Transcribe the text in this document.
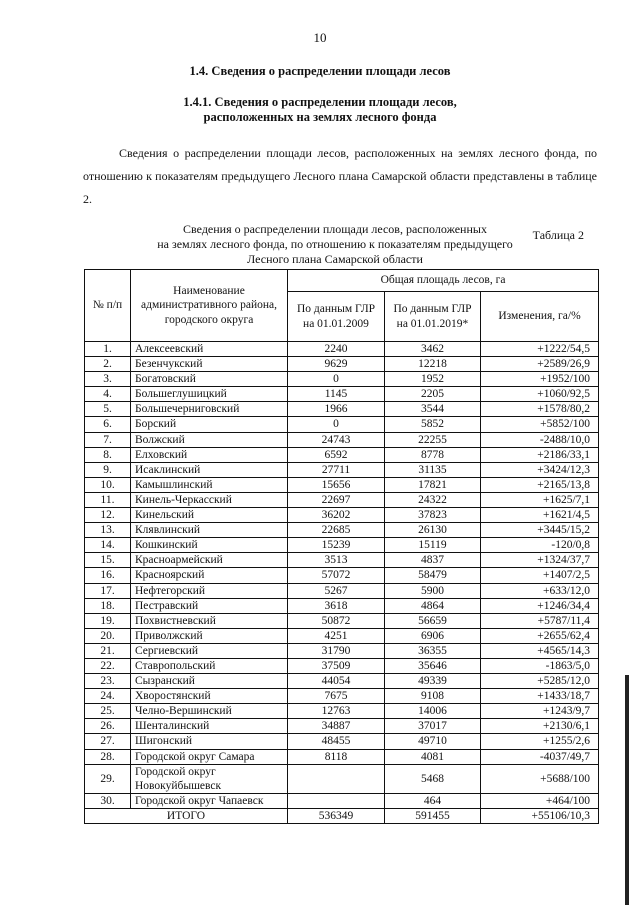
10
1.4. Сведения о распределении площади лесов
1.4.1. Сведения о распределении площади лесов,
расположенных на землях лесного фонда
Сведения о распределении площади лесов, расположенных на землях лесного фонда, по отношению к показателям предыдущего Лесного плана Самарской области представлены в таблице 2.
Таблица 2
Сведения о распределении площади лесов, расположенных
на землях лесного фонда, по отношению к показателям предыдущего
Лесного плана Самарской области
№ п/п	Наименование административного района, городского округа	Общая площадь лесов, га		
		По данным ГЛР на 01.01.2009	По данным ГЛР на 01.01.2019*	Изменения, га/%
1.	Алексеевский	2240	3462	+1222/54,5
2.	Безенчукский	9629	12218	+2589/26,9
3.	Богатовский	0	1952	+1952/100
4.	Большеглушицкий	1145	2205	+1060/92,5
5.	Большечерниговский	1966	3544	+1578/80,2
6.	Борский	0	5852	+5852/100
7.	Волжский	24743	22255	-2488/10,0
8.	Елховский	6592	8778	+2186/33,1
9.	Исаклинский	27711	31135	+3424/12,3
10.	Камышлинский	15656	17821	+2165/13,8
11.	Кинель-Черкасский	22697	24322	+1625/7,1
12.	Кинельский	36202	37823	+1621/4,5
13.	Клявлинский	22685	26130	+3445/15,2
14.	Кошкинский	15239	15119	-120/0,8
15.	Красноармейский	3513	4837	+1324/37,7
16.	Красноярский	57072	58479	+1407/2,5
17.	Нефтегорский	5267	5900	+633/12,0
18.	Пестравский	3618	4864	+1246/34,4
19.	Похвистневский	50872	56659	+5787/11,4
20.	Приволжский	4251	6906	+2655/62,4
21.	Сергиевский	31790	36355	+4565/14,3
22.	Ставропольский	37509	35646	-1863/5,0
23.	Сызранский	44054	49339	+5285/12,0
24.	Хворостянский	7675	9108	+1433/18,7
25.	Челно-Вершинский	12763	14006	+1243/9,7
26.	Шенталинский	34887	37017	+2130/6,1
27.	Шигонский	48455	49710	+1255/2,6
28.	Городской округ Самара	8118	4081	-4037/49,7
29.	Городской округ Новокуйбышевск		5468	+5688/100
30.	Городской округ Чапаевск		464	+464/100
ИТОГО		536349	591455	+55106/10,3
